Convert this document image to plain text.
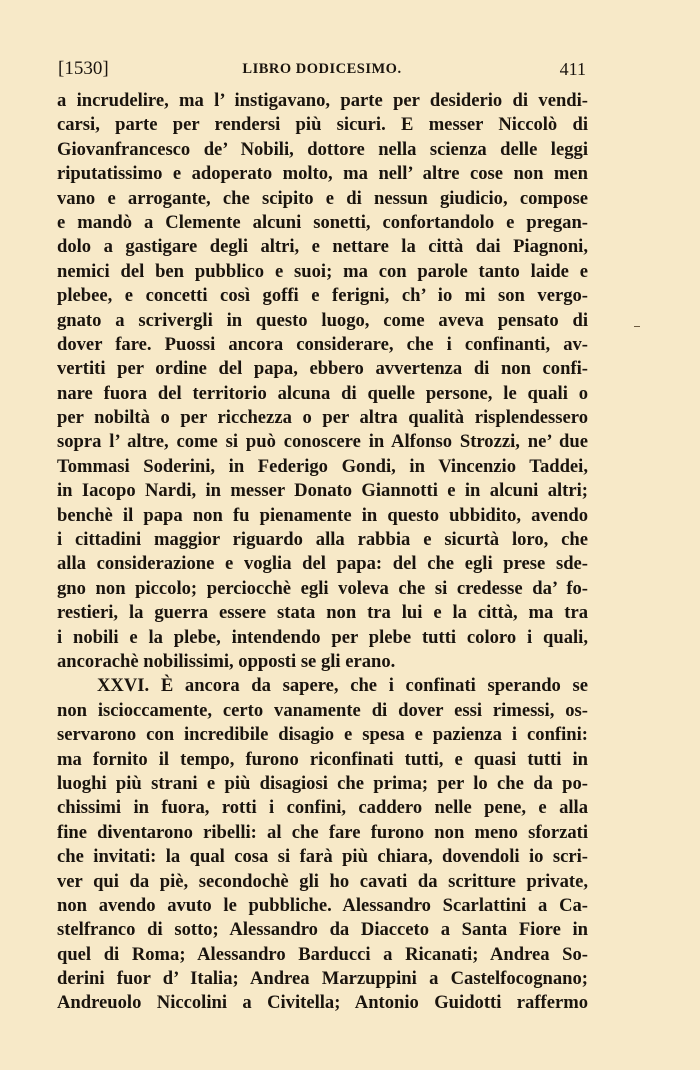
[1530]	LIBRO DODICESIMO.	411
a incrudelire, ma l’ instigavano, parte per desiderio di vendi-
carsi, parte per rendersi più sicuri. E messer Niccolò di
Giovanfrancesco de’ Nobili, dottore nella scienza delle leggi
riputatissimo e adoperato molto, ma nell’ altre cose non men
vano e arrogante, che scipito e di nessun giudicio, compose
e mandò a Clemente alcuni sonetti, confortandolo e pregan-
dolo a gastigare degli altri, e nettare la città dai Piagnoni,
nemici del ben pubblico e suoi; ma con parole tanto laide e
plebee, e concetti così goffi e ferigni, ch’ io mi son vergo-
gnato a scrivergli in questo luogo, come aveva pensato di
dover fare. Puossi ancora considerare, che i confinanti, av-
vertiti per ordine del papa, ebbero avvertenza di non confi-
nare fuora del territorio alcuna di quelle persone, le quali o
per nobiltà o per ricchezza o per altra qualità risplendessero
sopra l’ altre, come si può conoscere in Alfonso Strozzi, ne’ due
Tommasi Soderini, in Federigo Gondi, in Vincenzio Taddei,
in Iacopo Nardi, in messer Donato Giannotti e in alcuni altri;
benchè il papa non fu pienamente in questo ubbidito, avendo
i cittadini maggior riguardo alla rabbia e sicurtà loro, che
alla considerazione e voglia del papa: del che egli prese sde-
gno non piccolo; perciocchè egli voleva che si credesse da’ fo-
restieri, la guerra essere stata non tra lui e la città, ma tra
i nobili e la plebe, intendendo per plebe tutti coloro i quali,
ancorachè nobilissimi, opposti se gli erano.
XXVI. È ancora da sapere, che i confinati sperando se
non iscioccamente, certo vanamente di dover essi rimessi, os-
servarono con incredibile disagio e spesa e pazienza i confini:
ma fornito il tempo, furono riconfinati tutti, e quasi tutti in
luoghi più strani e più disagiosi che prima; per lo che da po-
chissimi in fuora, rotti i confini, caddero nelle pene, e alla
fine diventarono ribelli: al che fare furono non meno sforzati
che invitati: la qual cosa si farà più chiara, dovendoli io scri-
ver qui da piè, secondochè gli ho cavati da scritture private,
non avendo avuto le pubbliche. Alessandro Scarlattini a Ca-
stelfranco di sotto; Alessandro da Diacceto a Santa Fiore in
quel di Roma; Alessandro Barducci a Ricanati; Andrea So-
derini fuor d’ Italia; Andrea Marzuppini a Castelfocognano;
Andreuolo Niccolini a Civitella; Antonio Guidotti raffermo
